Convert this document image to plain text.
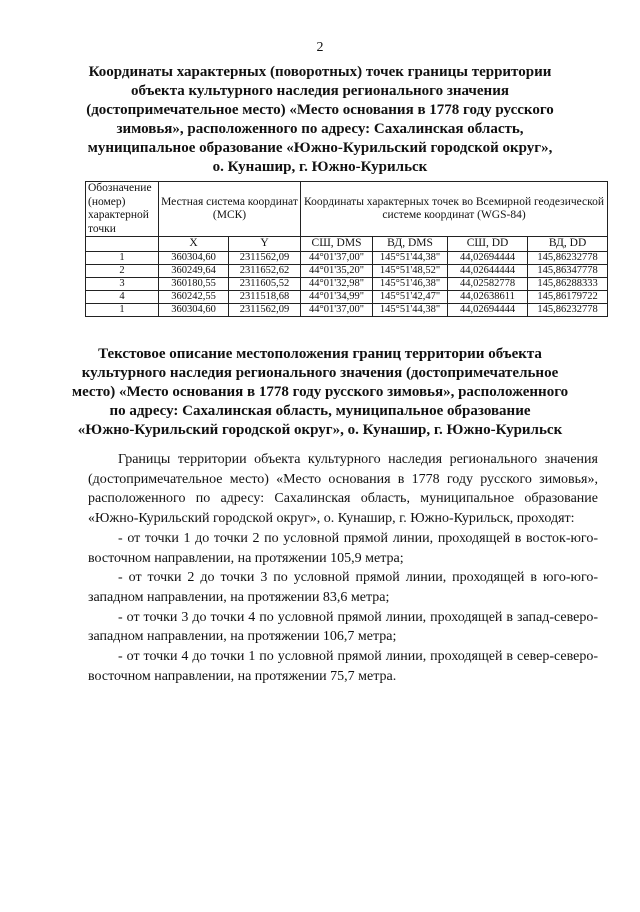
2
Координаты характерных (поворотных) точек границы территории
объекта культурного наследия регионального значения
(достопримечательное место) «Место основания в 1778 году русского
зимовья», расположенного по адресу: Сахалинская область,
муниципальное образование «Южно-Курильский городской округ»,
о. Кунашир, г. Южно-Курильск
Обозначение (номер) характерной точки	Местная система координат (МСК)		Координаты характерных точек во Всемирной геодезической системе координат (WGS-84)			

	X	Y	СШ, DMS	ВД, DMS	СШ, DD	ВД, DD
1	360304,60	2311562,09	44°01'37,00"	145°51'44,38"	44,02694444	145,86232778
2	360249,64	2311652,62	44°01'35,20"	145°51'48,52"	44,02644444	145,86347778
3	360180,55	2311605,52	44°01'32,98"	145°51'46,38"	44,02582778	145,86288333
4	360242,55	2311518,68	44°01'34,99"	145°51'42,47"	44,02638611	145,86179722
1	360304,60	2311562,09	44°01'37,00"	145°51'44,38"	44,02694444	145,86232778
Текстовое описание местоположения границ территории объекта
культурного наследия регионального значения (достопримечательное
место) «Место основания в 1778 году русского зимовья», расположенного
по адресу: Сахалинская область, муниципальное образование
«Южно-Курильский городской округ», о. Кунашир, г. Южно-Курильск

Границы территории объекта культурного наследия регионального значения (достопримечательное место) «Место основания в 1778 году русского зимовья», расположенного по адресу: Сахалинская область, муниципальное образование «Южно-Курильский городской округ», о. Кунашир, г. Южно-Курильск, проходят:

- от точки 1 до точки 2 по условной прямой линии, проходящей в восток-юго-восточном направлении, на протяжении 105,9 метра;

- от точки 2 до точки 3 по условной прямой линии, проходящей в юго-юго-западном направлении, на протяжении 83,6 метра;

- от точки 3 до точки 4 по условной прямой линии, проходящей в запад-северо-западном направлении, на протяжении 106,7 метра;

- от точки 4 до точки 1 по условной прямой линии, проходящей в север-северо-восточном направлении, на протяжении 75,7 метра.
